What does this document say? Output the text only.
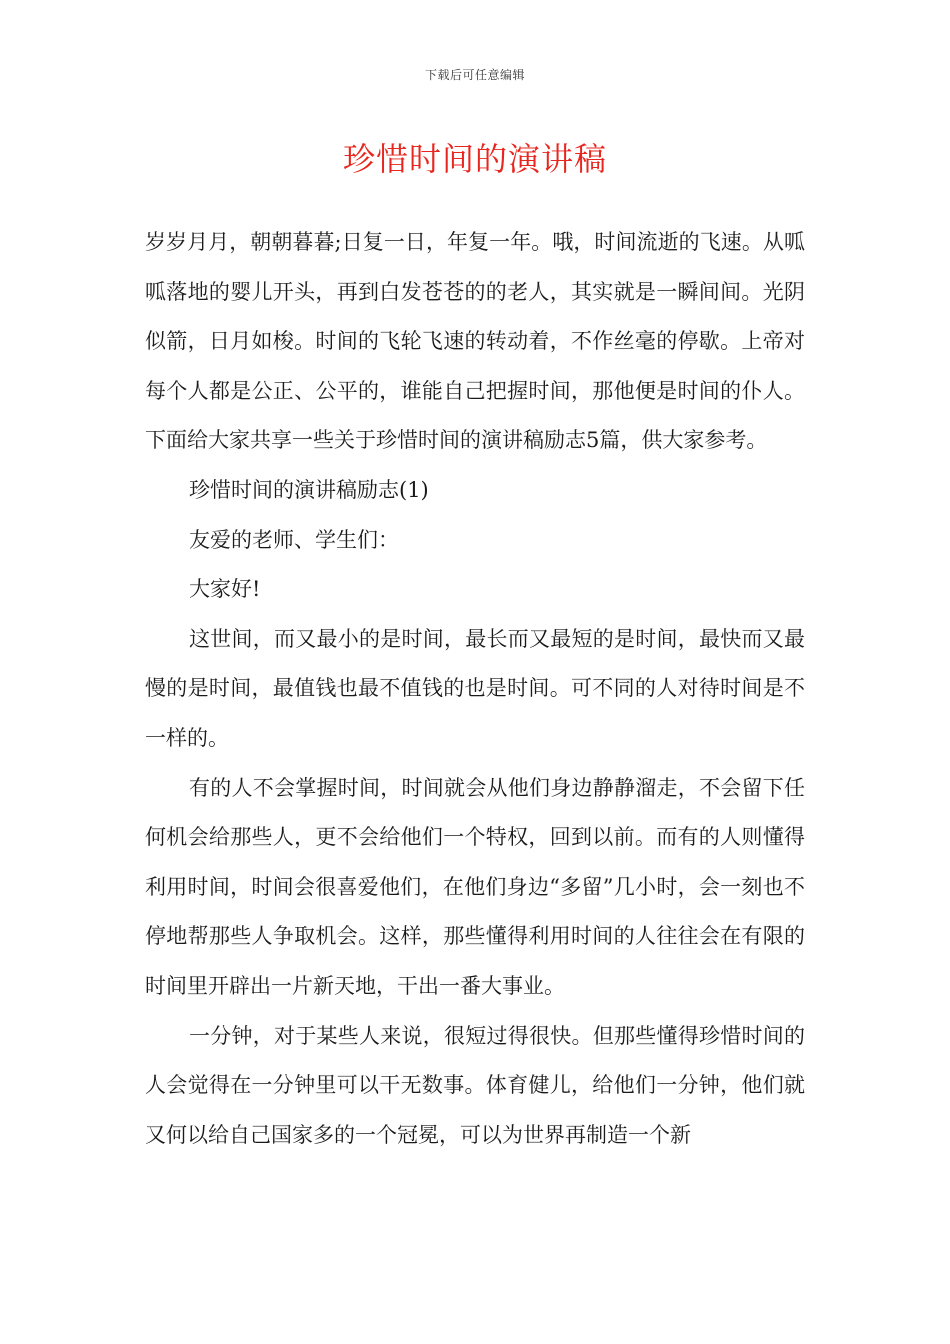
下载后可任意编辑
珍惜时间的演讲稿

岁岁月月，朝朝暮暮;日复一日，年复一年。哦，时间流逝的飞速。从呱呱落地的婴儿开头，再到白发苍苍的的老人，其实就是一瞬间间。光阴似箭，日月如梭。时间的飞轮飞速的转动着，不作丝毫的停歇。上帝对每个人都是公正、公平的，谁能自己把握时间，那他便是时间的仆人。下面给大家共享一些关于珍惜时间的演讲稿励志5篇，供大家参考。

珍惜时间的演讲稿励志(1)

友爱的老师、学生们：

大家好!

这世间，而又最小的是时间，最长而又最短的是时间，最快而又最慢的是时间，最值钱也最不值钱的也是时间。可不同的人对待时间是不一样的。

有的人不会掌握时间，时间就会从他们身边静静溜走，不会留下任何机会给那些人，更不会给他们一个特权，回到以前。而有的人则懂得利用时间，时间会很喜爱他们，在他们身边“多留”几小时，会一刻也不停地帮那些人争取机会。这样，那些懂得利用时间的人往往会在有限的时间里开辟出一片新天地，干出一番大事业。

一分钟，对于某些人来说，很短过得很快。但那些懂得珍惜时间的人会觉得在一分钟里可以干无数事。体育健儿，给他们一分钟，他们就又何以给自己国家多的一个冠冕，可以为世界再制造一个新
